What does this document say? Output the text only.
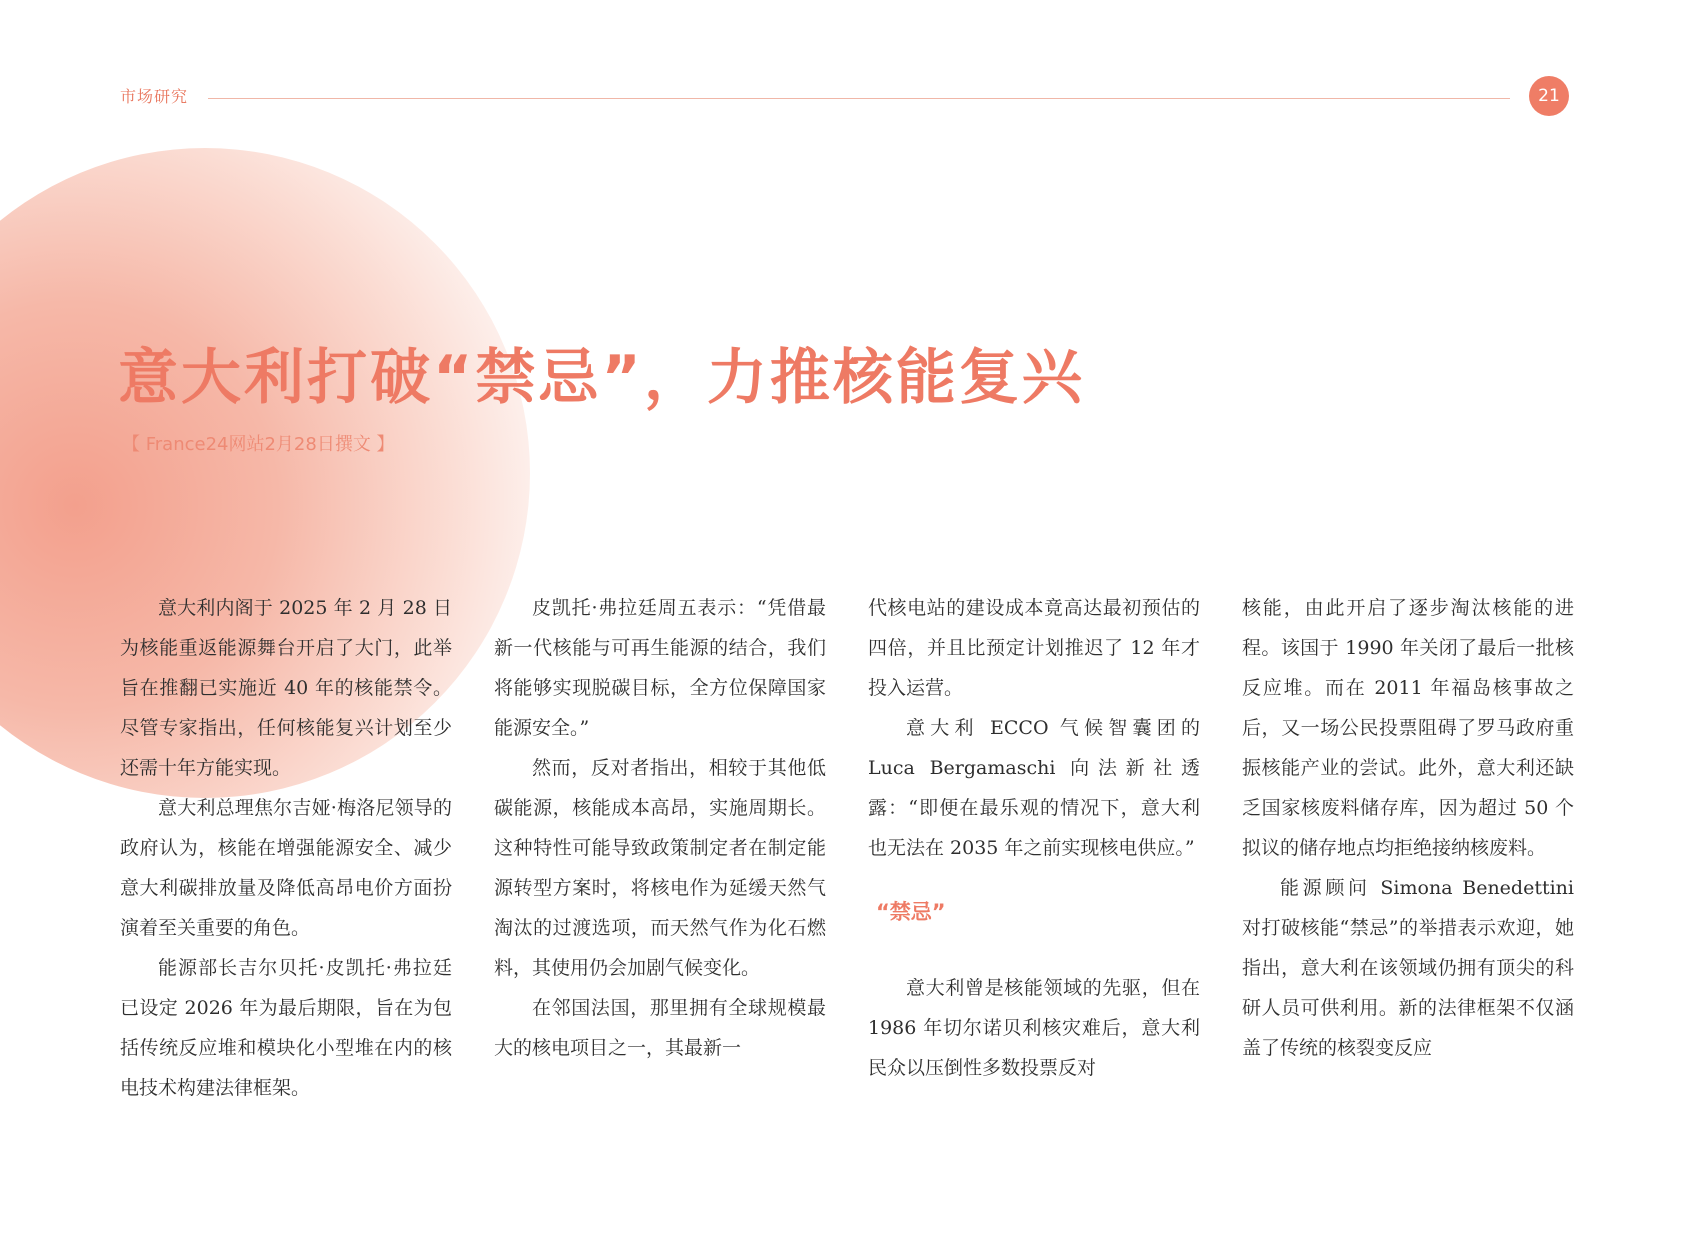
市场研究	21
意大利打破“禁忌”，力推核能复兴
【 France24网站2月28日撰文 】

意大利内阁于 2025 年 2 月 28 日为核能重返能源舞台开启了大门，此举旨在推翻已实施近 40 年的核能禁令。尽管专家指出，任何核能复兴计划至少还需十年方能实现。

意大利总理焦尔吉娅·梅洛尼领导的政府认为，核能在增强能源安全、减少意大利碳排放量及降低高昂电价方面扮演着至关重要的角色。

能源部长吉尔贝托·皮凯托·弗拉廷已设定 2026 年为最后期限，旨在为包括传统反应堆和模块化小型堆在内的核电技术构建法律框架。

皮凯托·弗拉廷周五表示：“凭借最新一代核能与可再生能源的结合，我们将能够实现脱碳目标，全方位保障国家能源安全。”

然而，反对者指出，相较于其他低碳能源，核能成本高昂，实施周期长。这种特性可能导致政策制定者在制定能源转型方案时，将核电作为延缓天然气淘汰的过渡选项，而天然气作为化石燃料，其使用仍会加剧气候变化。

在邻国法国，那里拥有全球规模最大的核电项目之一，其最新一

代核电站的建设成本竟高达最初预估的四倍，并且比预定计划推迟了 12 年才投入运营。

意大利 ECCO 气候智囊团的 Luca Bergamaschi 向法新社透露：“即便在最乐观的情况下，意大利也无法在 2035 年之前实现核电供应。”

“禁忌”

意大利曾是核能领域的先驱，但在 1986 年切尔诺贝利核灾难后，意大利民众以压倒性多数投票反对

核能，由此开启了逐步淘汰核能的进程。该国于 1990 年关闭了最后一批核反应堆。而在 2011 年福岛核事故之后，又一场公民投票阻碍了罗马政府重振核能产业的尝试。此外，意大利还缺乏国家核废料储存库，因为超过 50 个拟议的储存地点均拒绝接纳核废料。

能源顾问 Simona Benedettini 对打破核能“禁忌”的举措表示欢迎，她指出，意大利在该领域仍拥有顶尖的科研人员可供利用。新的法律框架不仅涵盖了传统的核裂变反应
